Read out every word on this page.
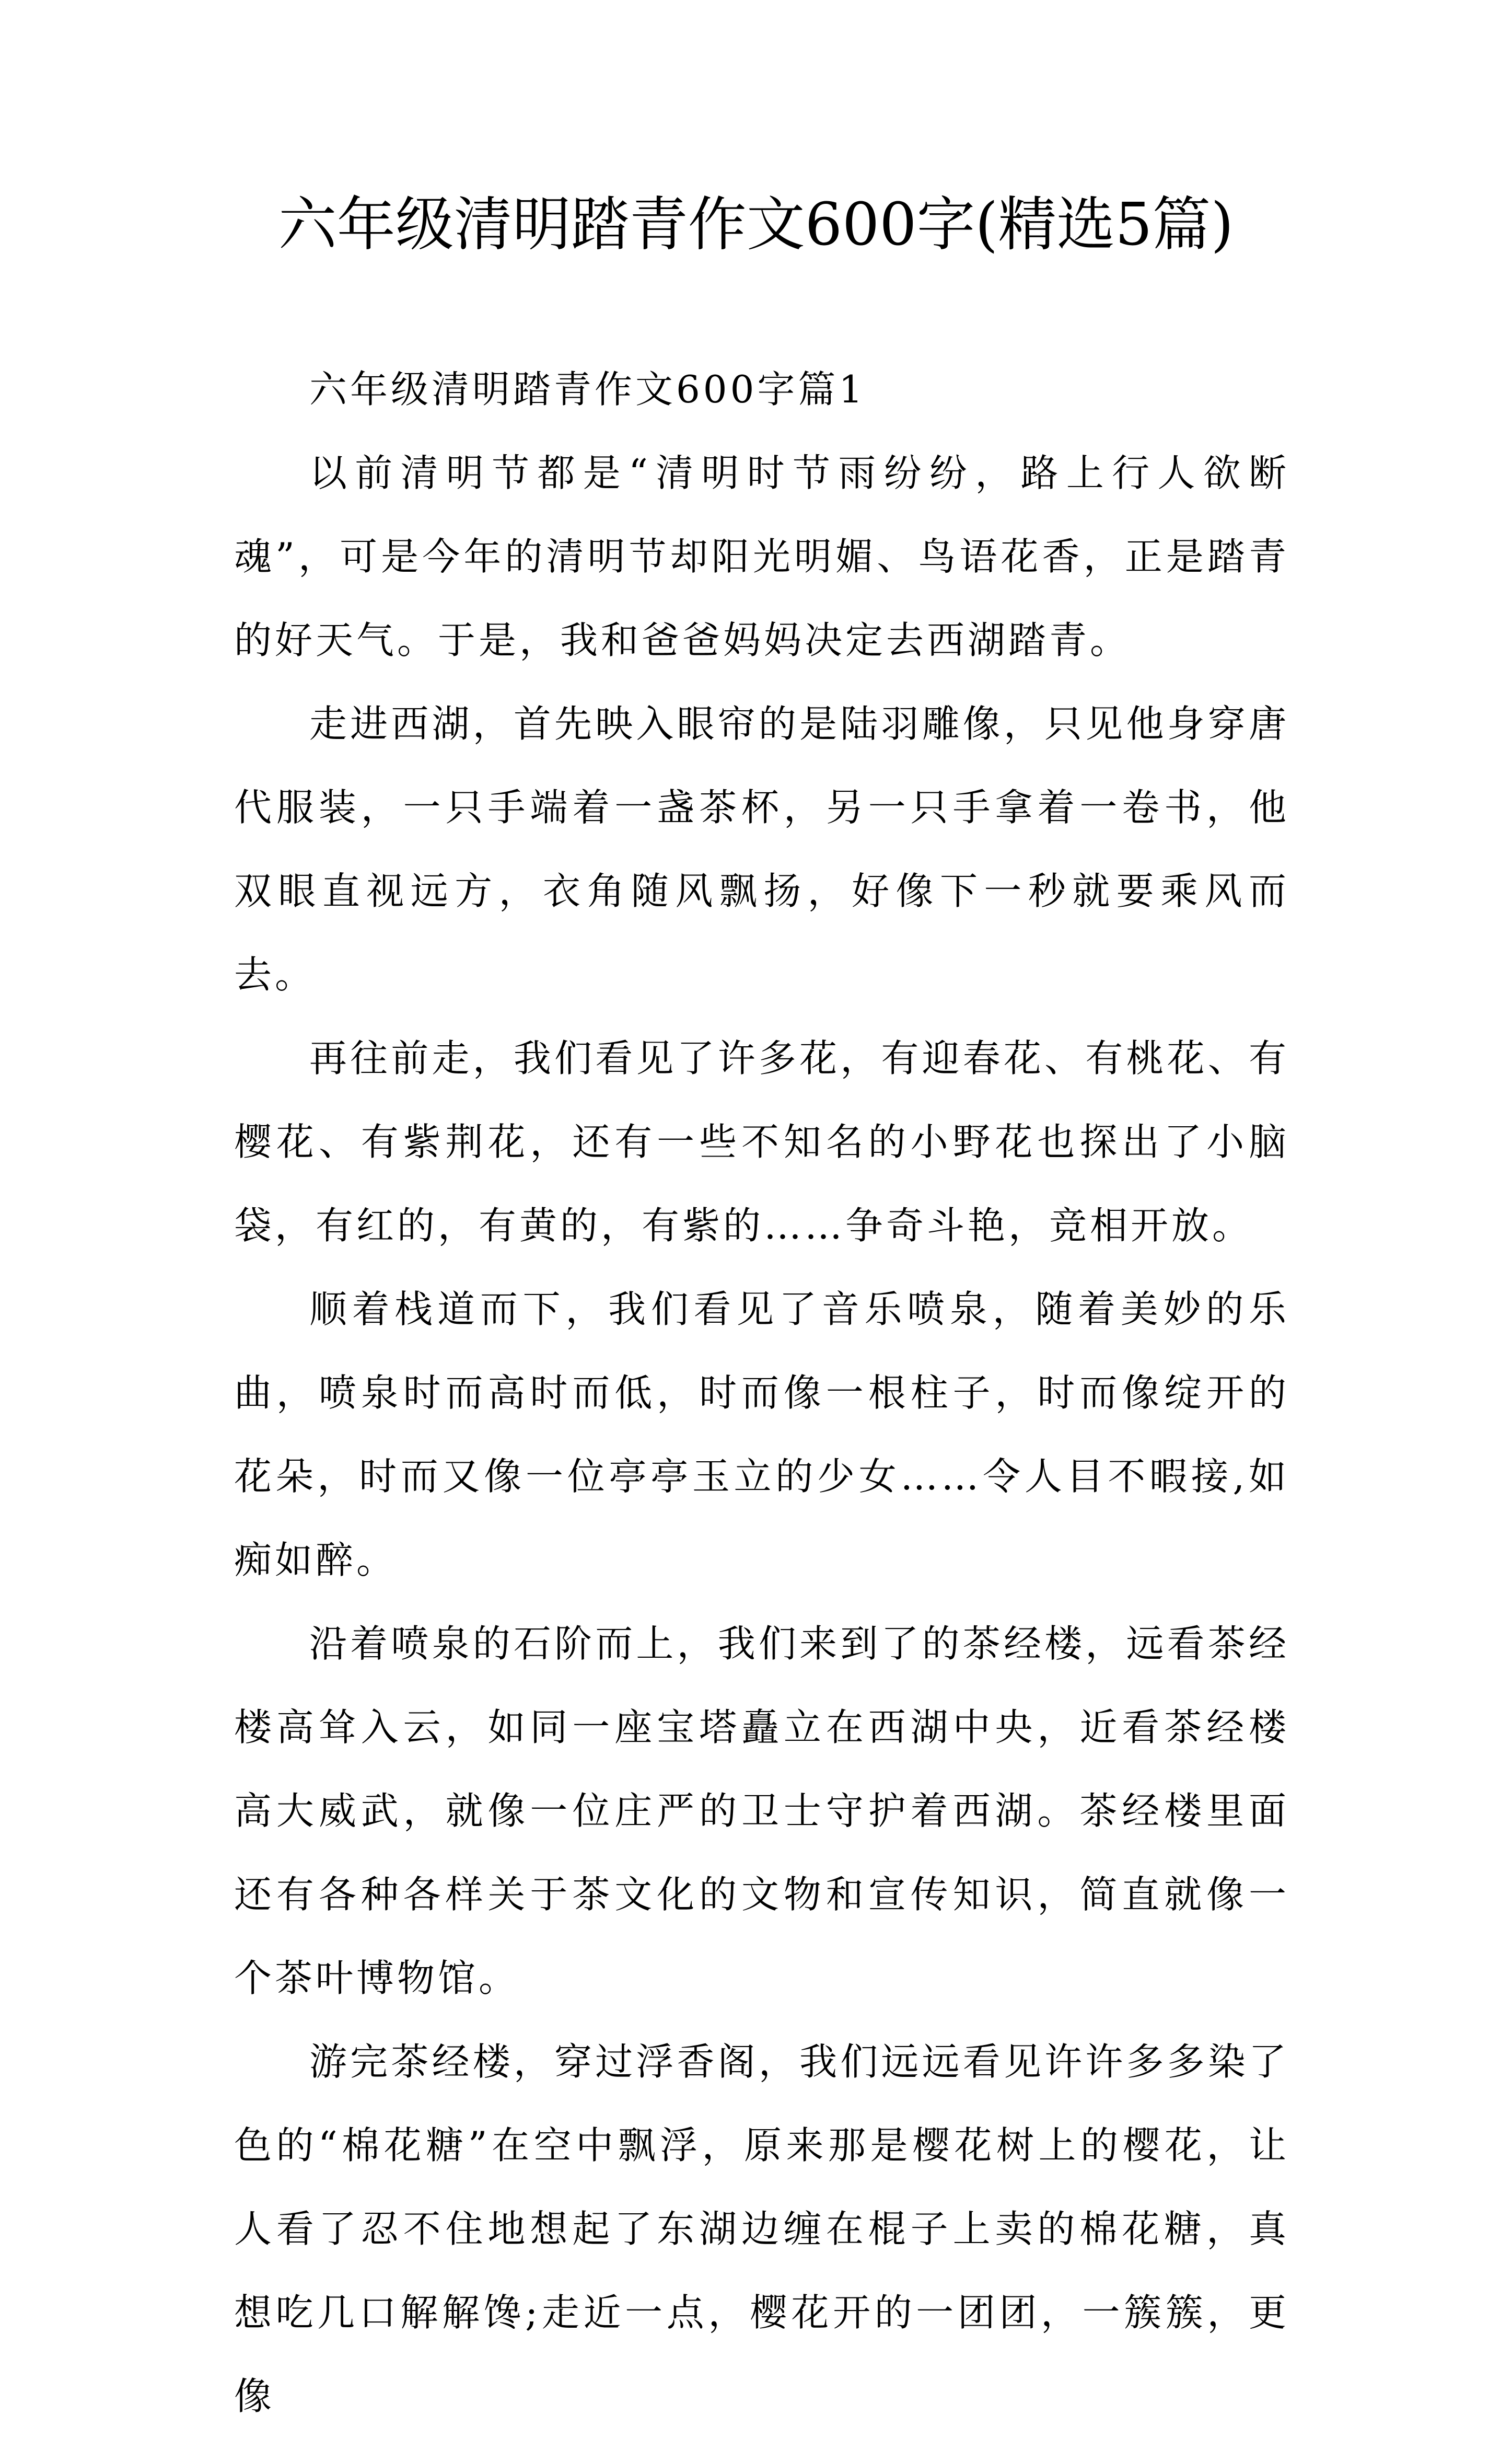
六年级清明踏青作文600字(精选5篇)

六年级清明踏青作文600字篇1

以前清明节都是“清明时节雨纷纷，路上行人欲断魂”，可是今年的清明节却阳光明媚、鸟语花香，正是踏青的好天气。于是，我和爸爸妈妈决定去西湖踏青。

走进西湖，首先映入眼帘的是陆羽雕像，只见他身穿唐代服装，一只手端着一盏茶杯，另一只手拿着一卷书，他双眼直视远方，衣角随风飘扬，好像下一秒就要乘风而去。

再往前走，我们看见了许多花，有迎春花、有桃花、有樱花、有紫荆花，还有一些不知名的小野花也探出了小脑袋，有红的，有黄的，有紫的……争奇斗艳，竞相开放。

顺着栈道而下，我们看见了音乐喷泉，随着美妙的乐曲，喷泉时而高时而低，时而像一根柱子，时而像绽开的花朵，时而又像一位亭亭玉立的少女……令人目不暇接,如痴如醉。

沿着喷泉的石阶而上，我们来到了的茶经楼，远看茶经楼高耸入云，如同一座宝塔矗立在西湖中央，近看茶经楼高大威武，就像一位庄严的卫士守护着西湖。茶经楼里面还有各种各样关于茶文化的文物和宣传知识，简直就像一个茶叶博物馆。

游完茶经楼，穿过浮香阁，我们远远看见许许多多染了色的“棉花糖”在空中飘浮，原来那是樱花树上的樱花，让人看了忍不住地想起了东湖边缠在棍子上卖的棉花糖，真想吃几口解解馋;走近一点，樱花开的一团团，一簇簇，更像
